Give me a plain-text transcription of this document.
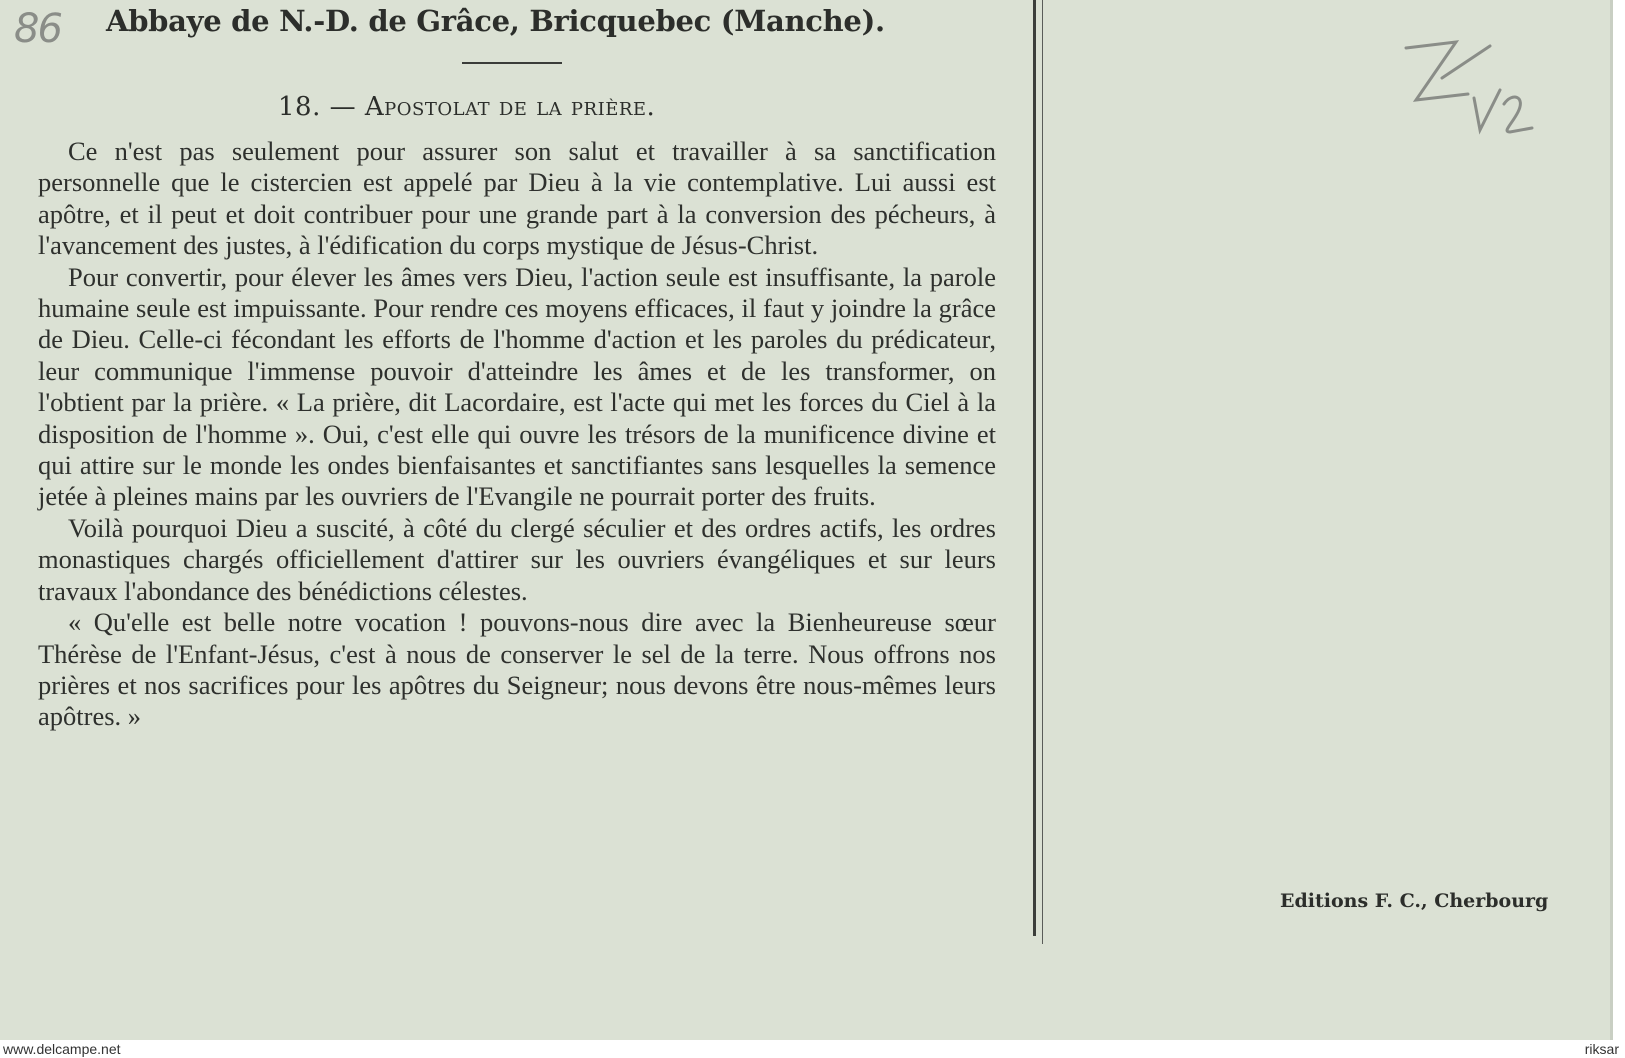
86 Abbaye de N.-D. de Grâce, Bricquebec (Manche).
18. — Apostolat de la prière.

Ce n'est pas seulement pour assurer son salut et travailler à sa sanctification personnelle que le cistercien est appelé par Dieu à la vie contemplative. Lui aussi est apôtre, et il peut et doit contribuer pour une grande part à la conversion des pécheurs, à l'avancement des justes, à l'édification du corps mystique de Jésus-Christ.

Pour convertir, pour élever les âmes vers Dieu, l'action seule est insuffisante, la parole humaine seule est impuissante. Pour rendre ces moyens efficaces, il faut y joindre la grâce de Dieu. Celle-ci fécondant les efforts de l'homme d'action et les paroles du prédicateur, leur communique l'immense pouvoir d'atteindre les âmes et de les transformer, on l'obtient par la prière. « La prière, dit Lacordaire, est l'acte qui met les forces du Ciel à la disposition de l'homme ». Oui, c'est elle qui ouvre les trésors de la munificence divine et qui attire sur le monde les ondes bienfaisantes et sanctifiantes sans lesquelles la semence jetée à pleines mains par les ouvriers de l'Evangile ne pourrait porter des fruits.

Voilà pourquoi Dieu a suscité, à côté du clergé séculier et des ordres actifs, les ordres monastiques chargés officiellement d'attirer sur les ouvriers évangéliques et sur leurs travaux l'abondance des bénédictions célestes.

« Qu'elle est belle notre vocation ! pouvons-nous dire avec la Bienheureuse sœur Thérèse de l'Enfant-Jésus, c'est à nous de conserver le sel de la terre. Nous offrons nos prières et nos sacrifices pour les apôtres du Seigneur; nous devons être nous-mêmes leurs apôtres. »

Editions F. C., Cherbourg
www.delcampe.net	riksar
